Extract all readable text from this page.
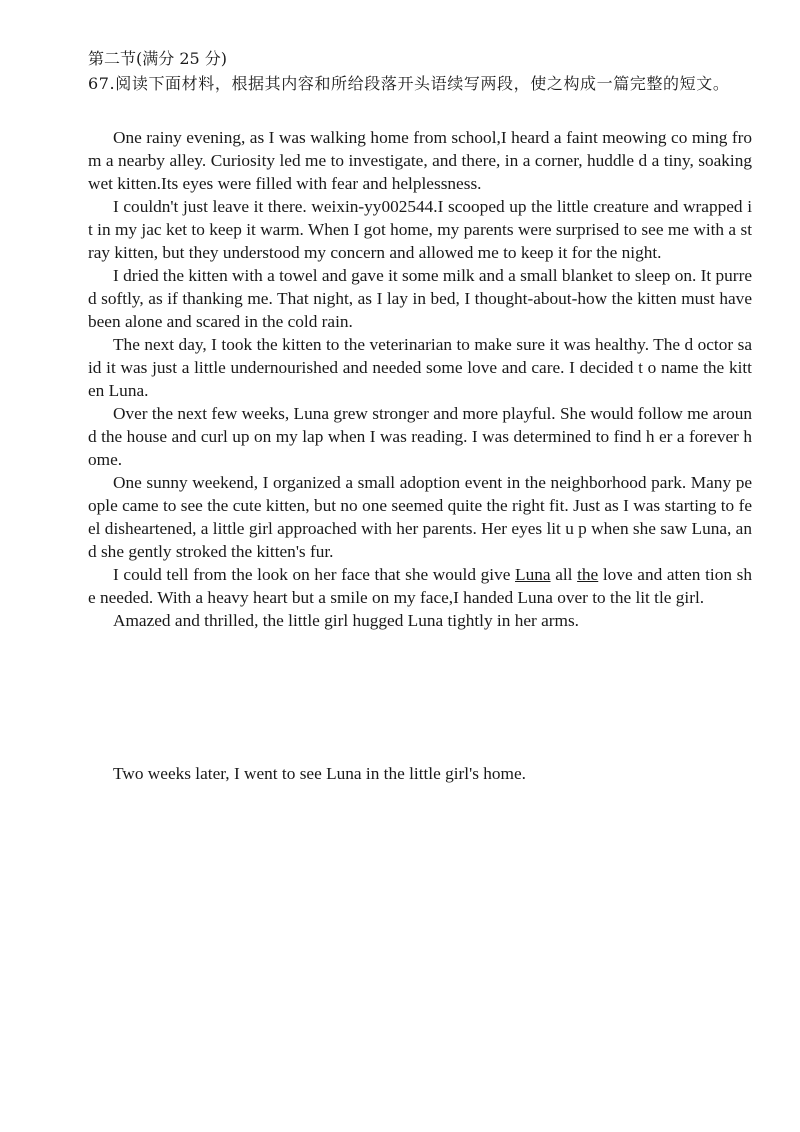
第二节(满分 25 分)
67.阅读下面材料，根据其内容和所给段落开头语续写两段，使之构成一篇完整的短文。

One rainy evening, as I was walking home from school,I heard a faint meowing co ming from a nearby alley. Curiosity led me to investigate, and there, in a corner, huddle d a tiny, soaking wet kitten.Its eyes were filled with fear and helplessness.

I couldn't just leave it there. weixin-yy002544.I scooped up the little creature and wrapped it in my jac ket to keep it warm. When I got home, my parents were surprised to see me with a stray kitten, but they understood my concern and allowed me to keep it for the night.

I dried the kitten with a towel and gave it some milk and a small blanket to sleep on. It purred softly, as if thanking me. That night, as I lay in bed, I thought-about-how the kitten must have been alone and scared in the cold rain.

The next day, I took the kitten to the veterinarian to make sure it was healthy. The d octor said it was just a little undernourished and needed some love and care. I decided t o name the kitten Luna.

Over the next few weeks, Luna grew stronger and more playful. She would follow me around the house and curl up on my lap when I was reading. I was determined to find h er a forever home.

One sunny weekend, I organized a small adoption event in the neighborhood park. Many people came to see the cute kitten, but no one seemed quite the right fit. Just as I was starting to feel disheartened, a little girl approached with her parents. Her eyes lit u p when she saw Luna, and she gently stroked the kitten's fur.

I could tell from the look on her face that she would give Luna all the love and atten tion she needed. With a heavy heart but a smile on my face,I handed Luna over to the lit tle girl.

Amazed and thrilled, the little girl hugged Luna tightly in her arms.

Two weeks later, I went to see Luna in the little girl's home.
